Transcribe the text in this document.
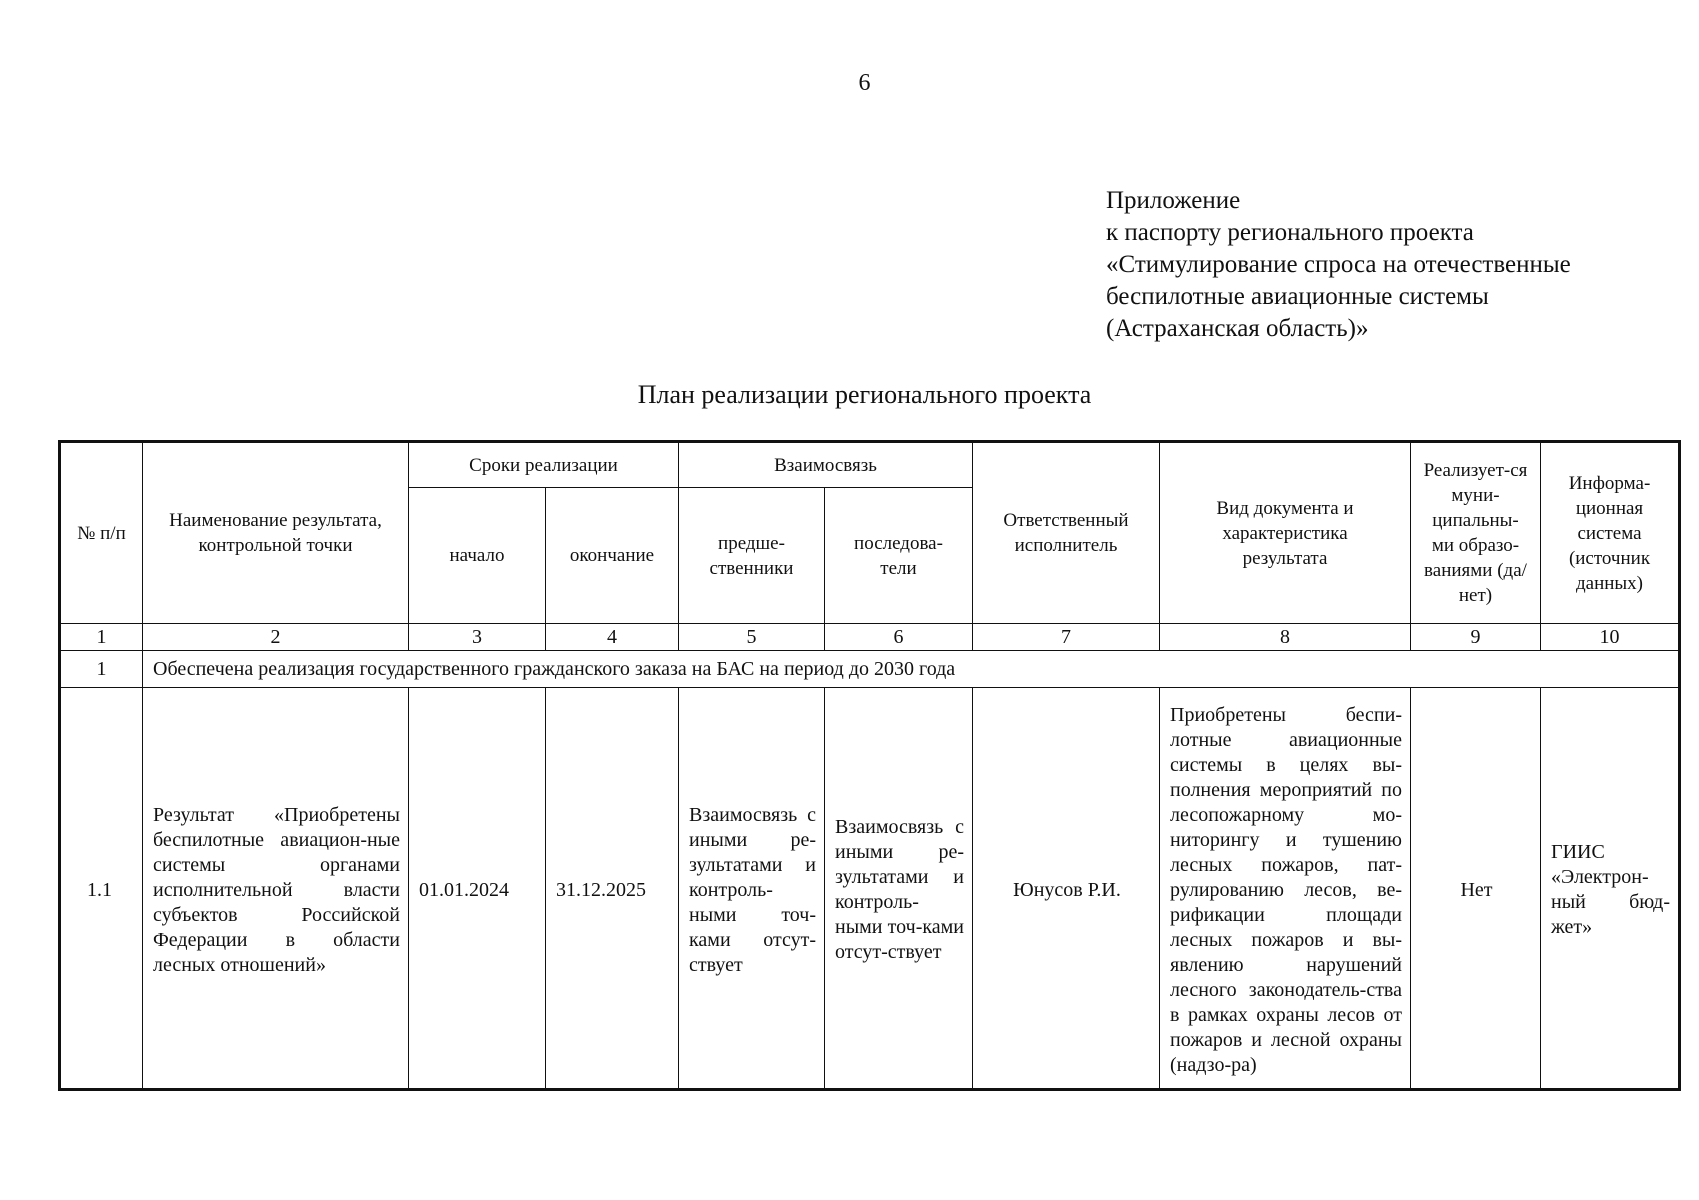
6
Приложение
к паспорту регионального проекта
«Стимулирование спроса на отечественные
беспилотные авиационные системы
(Астраханская область)»
План реализации регионального проекта
№ п/п	Наименование результата, контрольной точки	Сроки реализации		Взаимосвязь		Ответственный исполнитель	Вид документа и характеристика результата	Реализует-ся муни-ципальны-ми образо-ваниями (да/нет)	Информа-ционная система (источник данных)
		начало	окончание	предше-ственники	последова-тели				
1	2	3	4	5	6	7	8	9	10
1	Обеспечена реализация государственного гражданского заказа на БАС на период до 2030 года								

1.1	Результат «Приобретены беспилотные авиацион-ные системы органами исполнительной власти субъектов Российской Федерации в области лесных отношений»	01.01.2024	31.12.2025	Взаимосвязь с иными ре-зультатами и контроль-ными точ-ками отсут-ствует	Взаимосвязь с иными ре-зультатами и контроль-ными точ-ками отсут-ствует	Юнусов Р.И.	Приобретены беспи-лотные авиационные системы в целях вы-полнения мероприятий по лесопожарному мо-ниторингу и тушению лесных пожаров, пат-рулированию лесов, ве-рификации площади лесных пожаров и вы-явлению нарушений лесного законодатель-ства в рамках охраны лесов от пожаров и лесной охраны (надзо-ра)	Нет	ГИИС «Электрон-ный бюд-жет»
